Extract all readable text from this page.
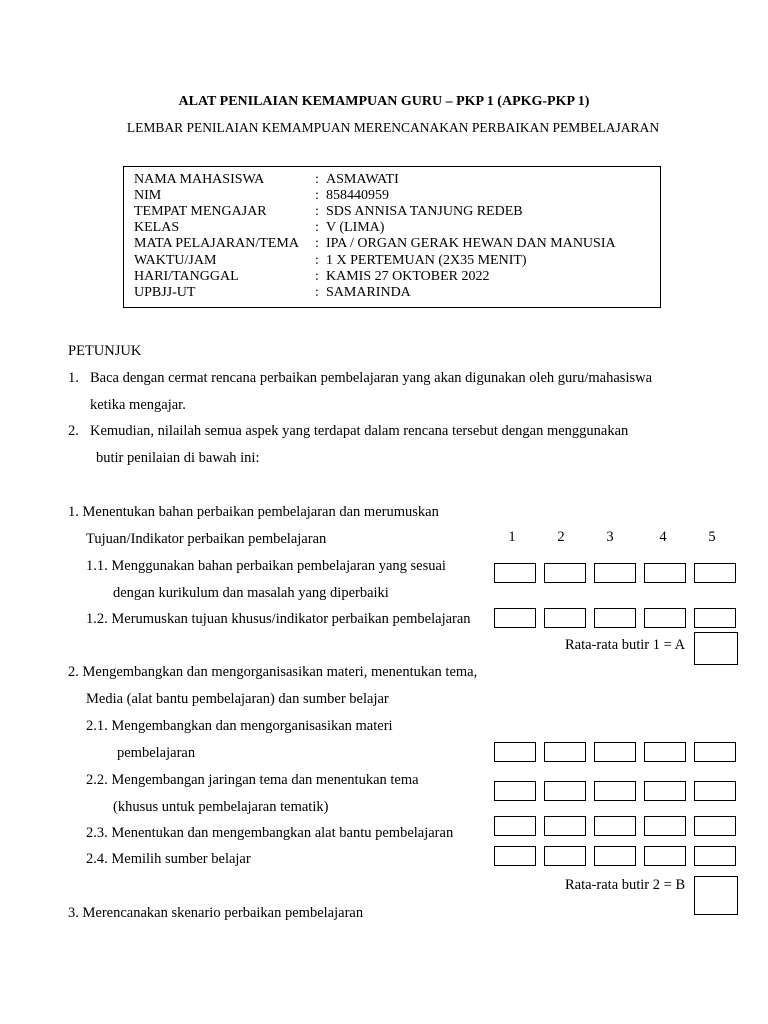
ALAT PENILAIAN KEMAMPUAN GURU – PKP 1 (APKG-PKP 1)
LEMBAR PENILAIAN KEMAMPUAN MERENCANAKAN PERBAIKAN PEMBELAJARAN
NAMA MAHASISWA	: ASMAWATI
NIM	: 858440959
TEMPAT MENGAJAR	: SDS ANNISA TANJUNG REDEB
KELAS	: V (LIMA)
MATA PELAJARAN/TEMA : IPA / ORGAN GERAK HEWAN DAN MANUSIA
WAKTU/JAM	: 1 X PERTEMUAN (2X35 MENIT)
HARI/TANGGAL	: KAMIS 27 OKTOBER 2022
UPBJJ-UT	: SAMARINDA
PETUNJUK
1. Baca dengan cermat rencana perbaikan pembelajaran yang akan digunakan oleh guru/mahasiswa
ketika mengajar.
2. Kemudian, nilailah semua aspek yang terdapat dalam rencana tersebut dengan menggunakan
butir penilaian di bawah ini:
1. Menentukan bahan perbaikan pembelajaran dan merumuskan
Tujuan/Indikator perbaikan pembelajaran	1	2	3	4	5
1.1. Menggunakan bahan perbaikan pembelajaran yang sesuai
dengan kurikulum dan masalah yang diperbaiki
1.2. Merumuskan tujuan khusus/indikator perbaikan pembelajaran
Rata-rata butir 1 = A
2. Mengembangkan dan mengorganisasikan materi, menentukan tema,
Media (alat bantu pembelajaran) dan sumber belajar
2.1. Mengembangkan dan mengorganisasikan materi
pembelajaran
2.2. Mengembangan jaringan tema dan menentukan tema
(khusus untuk pembelajaran tematik)
2.3. Menentukan dan mengembangkan alat bantu pembelajaran
2.4. Memilih sumber belajar
Rata-rata butir 2 = B
3. Merencanakan skenario perbaikan pembelajaran
